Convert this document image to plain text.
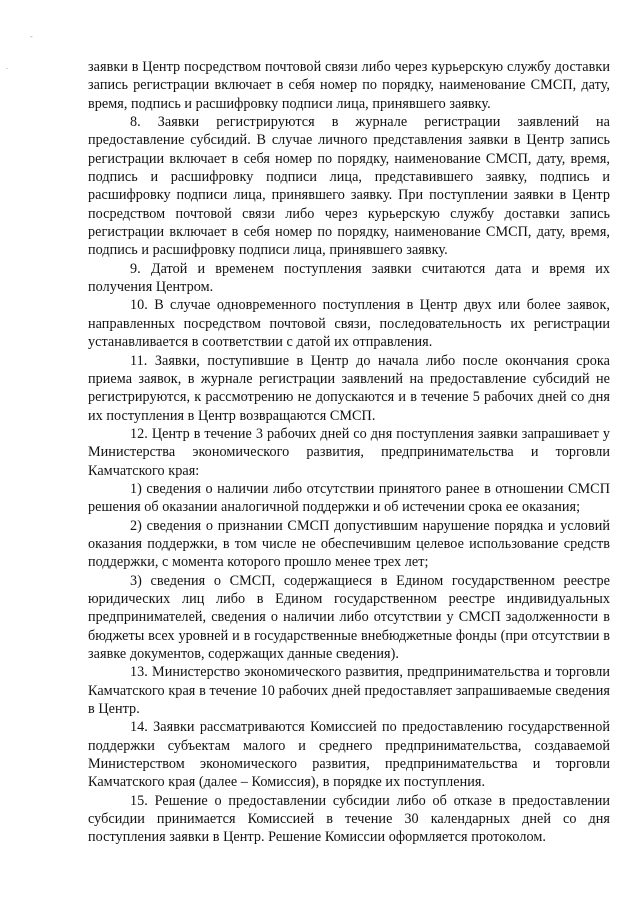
-
.	заявки в Центр посредством почтовой связи либо через курьерскую службу доставки запись регистрации включает в себя номер по порядку, наименование СМСП, дату, время, подпись и расшифровку подписи лица, принявшего заявку.

8. Заявки регистрируются в журнале регистрации заявлений на предоставление субсидий. В случае личного представления заявки в Центр запись регистрации включает в себя номер по порядку, наименование СМСП, дату, время, подпись и расшифровку подписи лица, представившего заявку, подпись и расшифровку подписи лица, принявшего заявку. При поступлении заявки в Центр посредством почтовой связи либо через курьерскую службу доставки запись регистрации включает в себя номер по порядку, наименование СМСП, дату, время, подпись и расшифровку подписи лица, принявшего заявку.

9. Датой и временем поступления заявки считаются дата и время их получения Центром.

10. В случае одновременного поступления в Центр двух или более заявок, направленных посредством почтовой связи, последовательность их регистрации устанавливается в соответствии с датой их отправления.

11. Заявки, поступившие в Центр до начала либо после окончания срока приема заявок, в журнале регистрации заявлений на предоставление субсидий не регистрируются, к рассмотрению не допускаются и в течение 5 рабочих дней со дня их поступления в Центр возвращаются СМСП.

12. Центр в течение 3 рабочих дней со дня поступления заявки запрашивает у Министерства экономического развития, предпринимательства и торговли Камчатского края:

1) сведения о наличии либо отсутствии принятого ранее в отношении СМСП решения об оказании аналогичной поддержки и об истечении срока ее оказания;

2) сведения о признании СМСП допустившим нарушение порядка и условий оказания поддержки, в том числе не обеспечившим целевое использование средств поддержки, с момента которого прошло менее трех лет;

3) сведения о СМСП, содержащиеся в Едином государственном реестре юридических лиц либо в Едином государственном реестре индивидуальных предпринимателей, сведения о наличии либо отсутствии у СМСП задолженности в бюджеты всех уровней и в государственные внебюджетные фонды (при отсутствии в заявке документов, содержащих данные сведения).

13. Министерство экономического развития, предпринимательства и торговли Камчатского края в течение 10 рабочих дней предоставляет запрашиваемые сведения в Центр.

14. Заявки рассматриваются Комиссией по предоставлению государственной поддержки субъектам малого и среднего предпринимательства, создаваемой Министерством экономического развития, предпринимательства и торговли Камчатского края (далее – Комиссия), в порядке их поступления.

15. Решение о предоставлении субсидии либо об отказе в предоставлении субсидии принимается Комиссией в течение 30 календарных дней со дня поступления заявки в Центр. Решение Комиссии оформляется протоколом.
